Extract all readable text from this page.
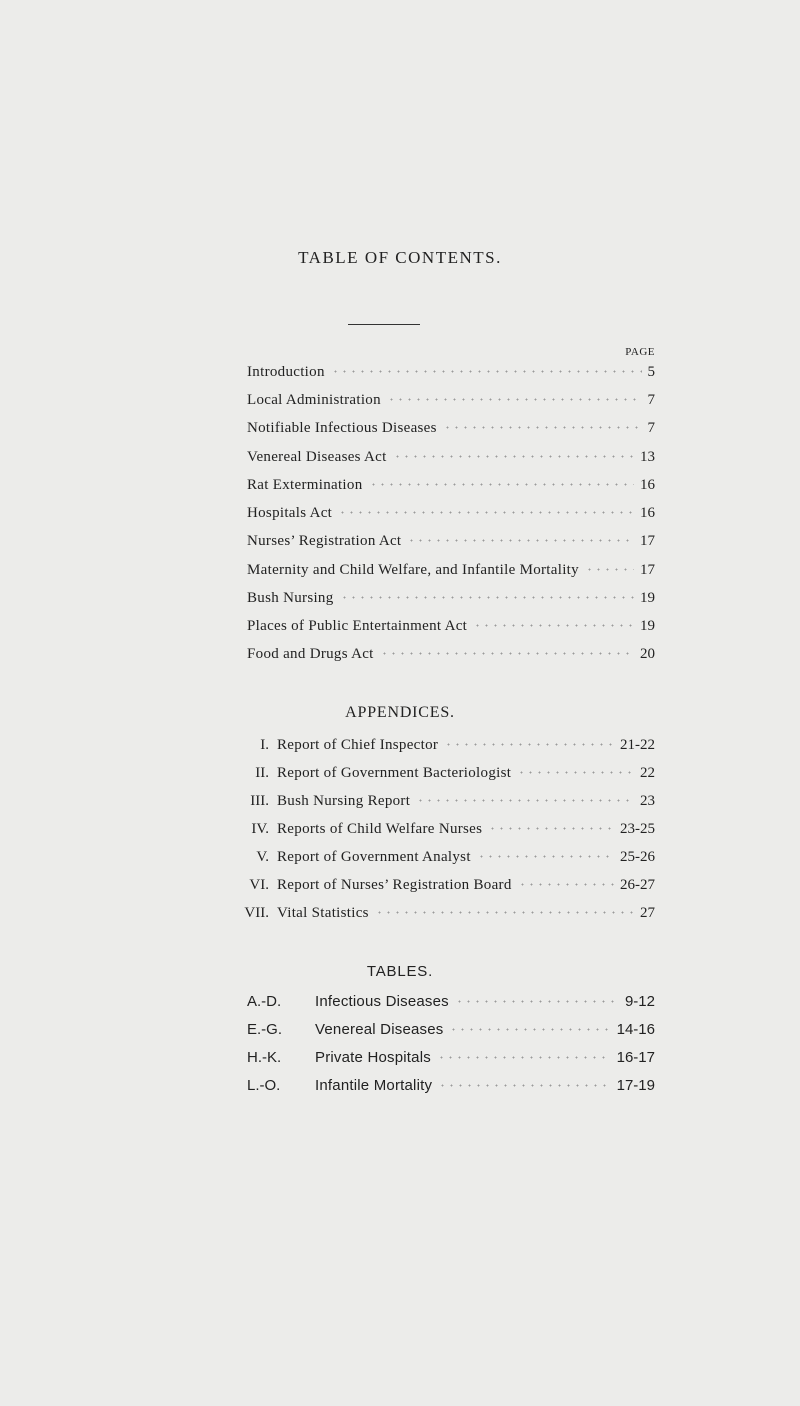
TABLE OF CONTENTS.
PAGE
Introduction	5
Local Administration	7
Notifiable Infectious Diseases	7
Venereal Diseases Act	13
Rat Extermination	16
Hospitals Act	16
Nurses’ Registration Act	17
Maternity and Child Welfare, and Infantile Mortality	17
Bush Nursing	19
Places of Public Entertainment Act	19
Food and Drugs Act	20
APPENDICES.
I. Report of Chief Inspector	21-22
II. Report of Government Bacteriologist	22
III. Bush Nursing Report	23
IV. Reports of Child Welfare Nurses	23-25
V. Report of Government Analyst	25-26
VI. Report of Nurses’ Registration Board	26-27
VII. Vital Statistics	27
TABLES.
A.-D.	Infectious Diseases	9-12
E.-G.	Venereal Diseases	14-16
H.-K.	Private Hospitals	16-17
L.-O.	Infantile Mortality	17-19
